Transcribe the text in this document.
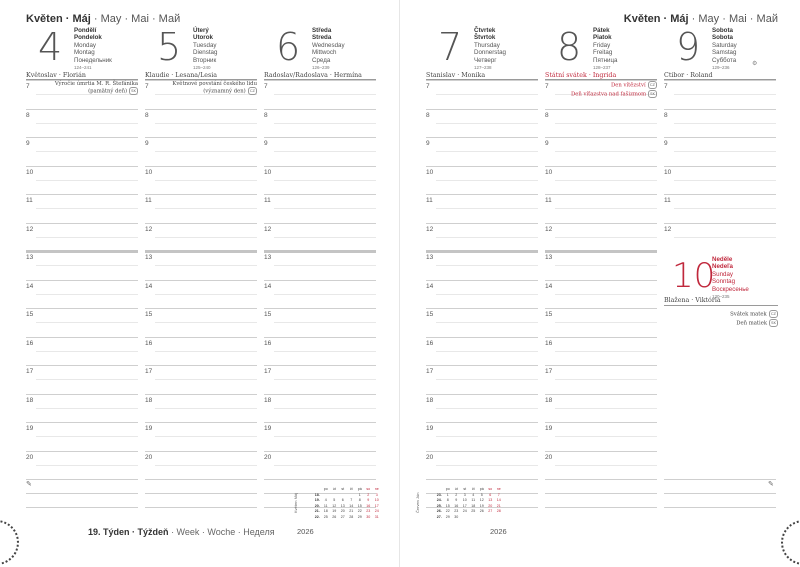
Květen · Máj · May · Mai · Май
4 Pondělí
Pondelok
Monday
Montag
Понедельник
124–241
Květoslav · Florián
7
8
9
10
11
12
13
14
15
16
17
18
19
20
✎
5 Úterý
Utorok
Tuesday
Dienstag
Вторник
125–240
Klaudie · Lesana/Lesia
7
8
9
10
11
12
13
14
15
16
17
18
19
20
6 Středa
Streda
Wednesday
Mittwoch
Среда
126–239
Radoslav/Radoslava · Hermína
7
8
9
10
11
12
13
14
15
16
17
18
19
20
19. Týden · Týždeň · Week · Woche · Неделя
Květen Máj
	po	út	st	čt	pá	so	ne
18.					1	2	3
19.	4	5	6	7	8	9	10
20.	11	12	13	14	15	16	17
21.	18	19	20	21	22	23	24
22.	25	26	27	28	29	30	31
2026
Výročie úmrtia M. R. Štefánika
(pamätný deň) SK
Květnové povstání českého lidu
(významný den) CZ
Květen · Máj · May · Mai · Май
7 Čtvrtek
Štvrtok
Thursday
Donnerstag
Четверг
127–238
Stanislav · Monika
7
8
9
10
11
12
13
14
15
16
17
18
19
20
8 Pátek
Piatok
Friday
Freitag
Пятница
128–237
Státní svátek · Ingrida
7
8
9
10
11
12
13
14
15
16
17
18
19
20
9 Sobota
Sobota
Saturday
Samstag
Суббота
129–236
Ctibor · Roland
7
8
9
10
11
12
✎
⚙
10
Neděle
Nedeľa
Sunday
Sonntag
Воскресенье
130–235
Blažena · Viktória
Svátek matek CZ
Deň matiek SK
Červen Jún
	po	út	st	čt	pá	so	ne
23.	1	2	3	4	5	6	7
24.	8	9	10	11	12	13	14
25.	15	16	17	18	19	20	21
26.	22	23	24	25	26	27	28
27.	29	30					
2026
Den vítězství CZ
Deň víťazstva nad fašizmom SK
